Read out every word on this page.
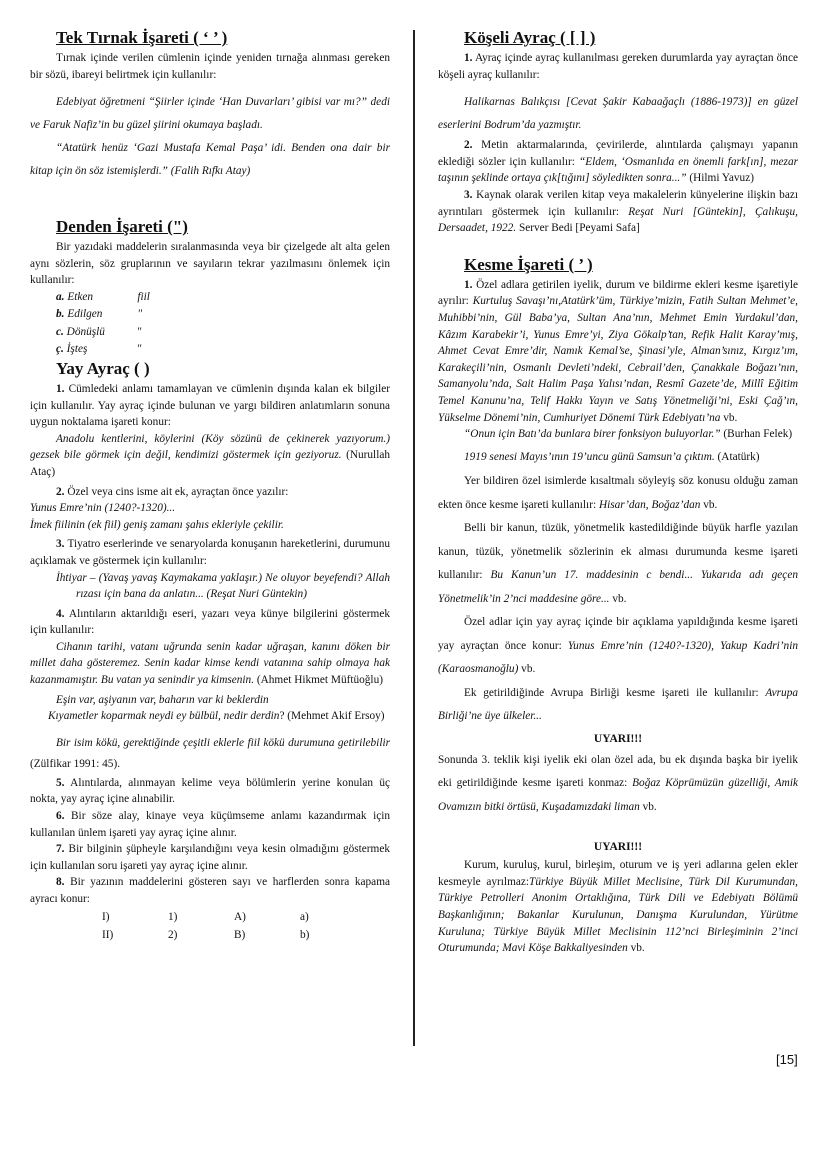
Tek Tırnak İşareti ( ‘ ’ )

Tırnak içinde verilen cümlenin içinde yeniden tırnağa alınması gereken bir sözü, ibareyi belirtmek için kullanılır:

Edebiyat öğretmeni “Şiirler içinde ‘Han Duvarları’ gibisi var mı?” dedi ve Faruk Nafiz’in bu güzel şiirini okumaya başladı.

“Atatürk henüz ‘Gazi Mustafa Kemal Paşa’ idi. Benden ona dair bir kitap için ön söz istemişlerdi.” (Falih Rıfkı Atay)

Denden İşareti (")

Bir yazıdaki maddelerin sıralanmasında veya bir çizelgede alt alta gelen aynı sözlerin, söz gruplarının ve sayıların tekrar yazılmasını önlemek için kullanılır:

a. Etken	fiil
b. Edilgen	"
c. Dönüşlü	"
ç. İşteş	"
Yay Ayraç ( )

1. Cümledeki anlamı tamamlayan ve cümlenin dışında kalan ek bilgiler için kullanılır. Yay ayraç içinde bulunan ve yargı bildiren anlatımların sonuna uygun noktalama işareti konur:

Anadolu kentlerini, köylerini (Köy sözünü de çekinerek yazıyorum.) gezsek bile görmek için değil, kendimizi göstermek için geziyoruz. (Nurullah Ataç)

2. Özel veya cins isme ait ek, ayraçtan önce yazılır:

Yunus Emre’nin (1240?-1320)...

İmek fiilinin (ek fiil) geniş zamanı şahıs ekleriyle çekilir.

3. Tiyatro eserlerinde ve senaryolarda konuşanın hareketlerini, durumunu açıklamak ve göstermek için kullanılır:

İhtiyar – (Yavaş yavaş Kaymakama yaklaşır.) Ne oluyor beyefendi? Allah rızası için bana da anlatın... (Reşat Nuri Güntekin)

4. Alıntıların aktarıldığı eseri, yazarı veya künye bilgilerini göstermek için kullanılır:

Cihanın tarihi, vatanı uğrunda senin kadar uğraşan, kanını döken bir millet daha gösteremez. Senin kadar kimse kendi vatanına sahip olmaya hak kazanmamıştır. Bu vatan ya senindir ya kimsenin. (Ahmet Hikmet Müftüoğlu)

Eşin var, aşiyanın var, baharın var ki beklerdin

Kıyametler koparmak neydi ey bülbül, nedir derdin? (Mehmet Akif Ersoy)

Bir isim kökü, gerektiğinde çeşitli eklerle fiil kökü durumuna getirilebilir (Zülfikar 1991: 45).

5. Alıntılarda, alınmayan kelime veya bölümlerin yerine konulan üç nokta, yay ayraç içine alınabilir.

6. Bir söze alay, kinaye veya küçümseme anlamı kazandırmak için kullanılan ünlem işareti yay ayraç içine alınır.

7. Bir bilginin şüpheyle karşılandığını veya kesin olmadığını göstermek için kullanılan soru işareti yay ayraç içine alınır.

8. Bir yazının maddelerini gösteren sayı ve harflerden sonra kapama ayracı konur:

I)	1)	A)	a)
II)	2)	B)	b)
Köşeli Ayraç ( [ ] )

1. Ayraç içinde ayraç kullanılması gereken durumlarda yay ayraçtan önce köşeli ayraç kullanılır:

Halikarnas Balıkçısı [Cevat Şakir Kabaağaçlı (1886-1973)] en güzel eserlerini Bodrum’da yazmıştır.

2. Metin aktarmalarında, çevirilerde, alıntılarda çalışmayı yapanın eklediği sözler için kullanılır: “Eldem, ‘Osmanlıda en önemli fark[ın], mezar taşının şeklinde ortaya çık[tığını] söyledikten sonra...” (Hilmi Yavuz)

3. Kaynak olarak verilen kitap veya makalelerin künyelerine ilişkin bazı ayrıntıları göstermek için kullanılır: Reşat Nuri [Güntekin], Çalıkuşu, Dersaadet, 1922. Server Bedi [Peyami Safa]

Kesme İşareti ( ’ )

1. Özel adlara getirilen iyelik, durum ve bildirme ekleri kesme işaretiyle ayrılır: Kurtuluş Savaşı’nı,Atatürk’üm, Türkiye’mizin, Fatih Sultan Mehmet’e, Muhibbi’nin, Gül Baba’ya, Sultan Ana’nın, Mehmet Emin Yurdakul’dan, Kâzım Karabekir’i, Yunus Emre’yi, Ziya Gökalp’tan, Refik Halit Karay’mış, Ahmet Cevat Emre’dir, Namık Kemal’se, Şinasi’yle, Alman’sınız, Kırgız’ım, Karakeçili’nin, Osmanlı Devleti’ndeki, Cebrail’den, Çanakkale Boğazı’nın, Samanyolu’nda, Sait Halim Paşa Yalısı’ndan, Resmî Gazete’de, Millî Eğitim Temel Kanunu’na, Telif Hakkı Yayın ve Satış Yönetmeliği’ni, Eski Çağ’ın, Yükselme Dönemi’nin, Cumhuriyet Dönemi Türk Edebiyatı’na vb.

“Onun için Batı’da bunlara birer fonksiyon buluyorlar.” (Burhan Felek)

1919 senesi Mayıs’ının 19’uncu günü Samsun’a çıktım. (Atatürk)

Yer bildiren özel isimlerde kısaltmalı söyleyiş söz konusu olduğu zaman ekten önce kesme işareti kullanılır: Hisar’dan, Boğaz’dan vb.

Belli bir kanun, tüzük, yönetmelik kastedildiğinde büyük harfle yazılan kanun, tüzük, yönetmelik sözlerinin ek alması durumunda kesme işareti kullanılır: Bu Kanun’un 17. maddesinin c bendi... Yukarıda adı geçen Yönetmelik’in 2’nci maddesine göre... vb.

Özel adlar için yay ayraç içinde bir açıklama yapıldığında kesme işareti yay ayraçtan önce konur: Yunus Emre’nin (1240?-1320), Yakup Kadri’nin (Karaosmanoğlu) vb.

Ek getirildiğinde Avrupa Birliği kesme işareti ile kullanılır: Avrupa Birliği’ne üye ülkeler...

UYARI!!!

Sonunda 3. teklik kişi iyelik eki olan özel ada, bu ek dışında başka bir iyelik eki getirildiğinde kesme işareti konmaz: Boğaz Köprümüzün güzelliği, Amik Ovamızın bitki örtüsü, Kuşadamızdaki liman vb.

UYARI!!!

Kurum, kuruluş, kurul, birleşim, oturum ve iş yeri adlarına gelen ekler kesmeyle ayrılmaz:Türkiye Büyük Millet Meclisine, Türk Dil Kurumundan, Türkiye Petrolleri Anonim Ortaklığına, Türk Dili ve Edebiyatı Bölümü Başkanlığının; Bakanlar Kurulunun, Danışma Kurulundan, Yürütme Kuruluna; Türkiye Büyük Millet Meclisinin 112’nci Birleşiminin 2’inci Oturumunda; Mavi Köşe Bakkaliyesinden vb.

[15]
